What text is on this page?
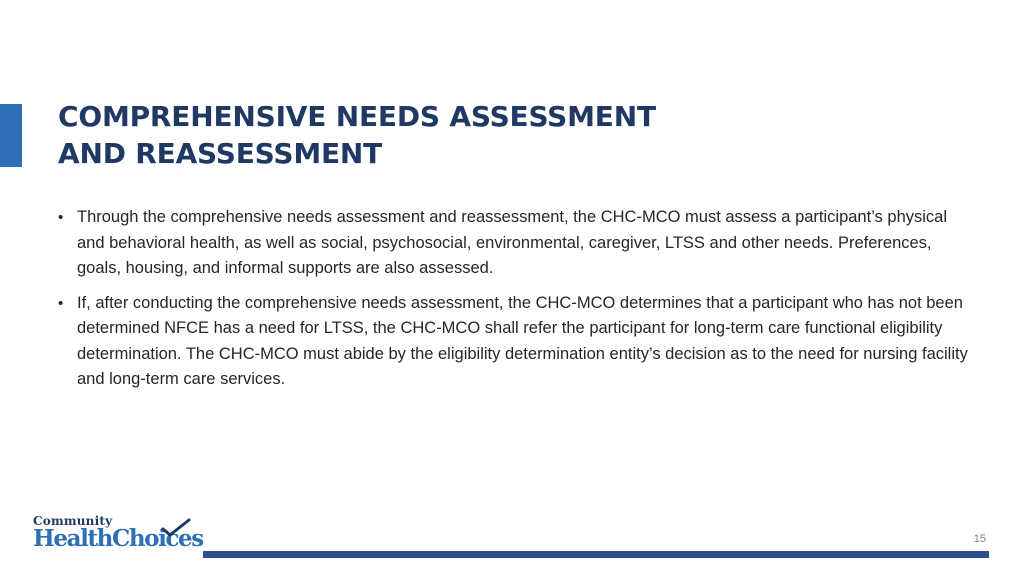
COMPREHENSIVE NEEDS ASSESSMENT
AND REASSESSMENT
• Through the comprehensive needs assessment and reassessment, the CHC-MCO must assess a participant’s physical and behavioral health, as well as social, psychosocial, environmental, caregiver, LTSS and other needs. Preferences, goals, housing, and informal supports are also assessed.
• If, after conducting the comprehensive needs assessment, the CHC-MCO determines that a participant who has not been determined NFCE has a need for LTSS, the CHC-MCO shall refer the participant for long-term care functional eligibility determination. The CHC-MCO must abide by the eligibility determination entity’s decision as to the need for nursing facility and long-term care services.
Community
HealthChoices	15
